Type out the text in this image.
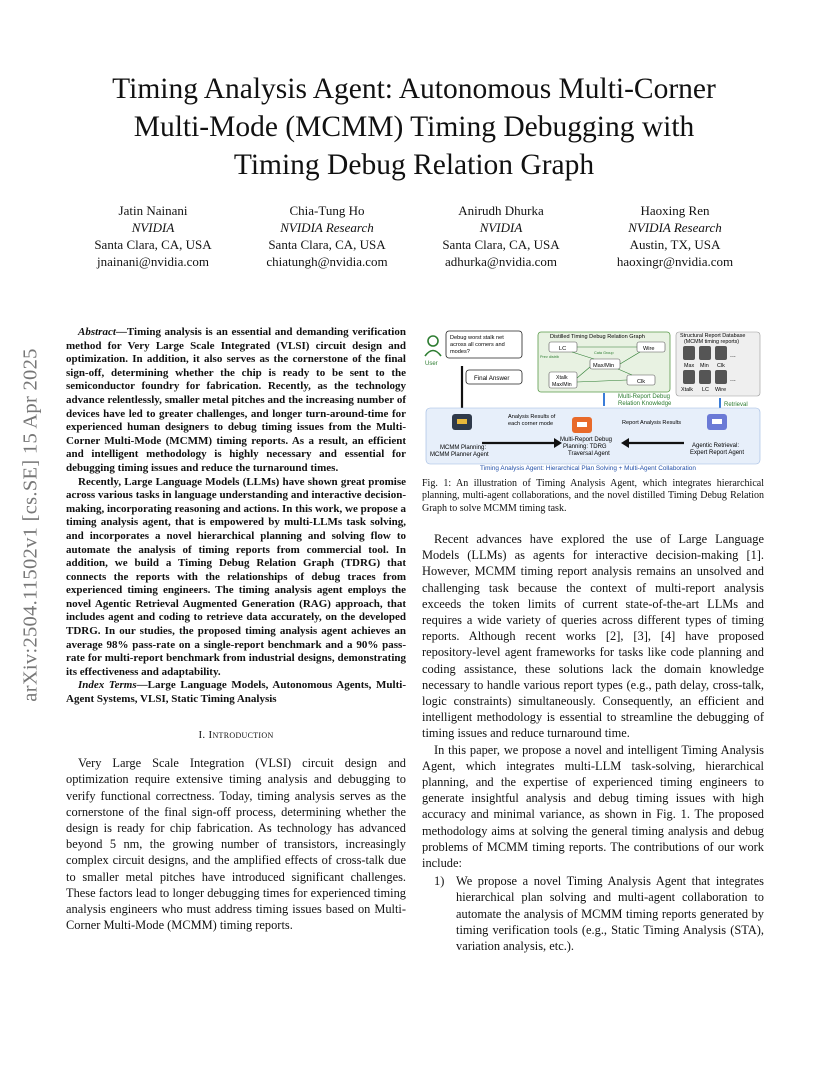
arXiv:2504.11502v1 [cs.SE] 15 Apr 2025
Timing Analysis Agent: Autonomous Multi-Corner
Multi-Mode (MCMM) Timing Debugging with
Timing Debug Relation Graph
Jatin Nainani
NVIDIA
Santa Clara, CA, USA
jnainani@nvidia.com
Chia-Tung Ho
NVIDIA Research
Santa Clara, CA, USA
chiatungh@nvidia.com
Anirudh Dhurka
NVIDIA
Santa Clara, CA, USA
adhurka@nvidia.com
Haoxing Ren
NVIDIA Research
Austin, TX, USA
haoxingr@nvidia.com

Abstract—Timing analysis is an essential and demanding verification method for Very Large Scale Integrated (VLSI) circuit design and optimization. In addition, it also serves as the cornerstone of the final sign-off, determining whether the chip is ready to be sent to the semiconductor foundry for fabrication. Recently, as the technology advance relentlessly, smaller metal pitches and the increasing number of devices have led to greater challenges, and longer turn-around-time for experienced human designers to debug timing issues from the Multi-Corner Multi-Mode (MCMM) timing reports. As a result, an efficient and intelligent methodology is highly necessary and essential for debugging timing issues and reduce the turnaround times.

Recently, Large Language Models (LLMs) have shown great promise across various tasks in language understanding and interactive decision-making, incorporating reasoning and actions. In this work, we propose a timing analysis agent, that is empowered by multi-LLMs task solving, and incorporates a novel hierarchical planning and solving flow to automate the analysis of timing reports from commercial tool. In addition, we build a Timing Debug Relation Graph (TDRG) that connects the reports with the relationships of debug traces from experienced timing engineers. The timing analysis agent employs the novel Agentic Retrieval Augmented Generation (RAG) approach, that includes agent and coding to retrieve data accurately, on the developed TDRG. In our studies, the proposed timing analysis agent achieves an average 98% pass-rate on a single-report benchmark and a 90% pass-rate for multi-report benchmark from industrial designs, demonstrating its effectiveness and adaptability.

Index Terms—Large Language Models, Autonomous Agents, Multi-Agent Systems, VLSI, Static Timing Analysis

I. Introduction

Very Large Scale Integration (VLSI) circuit design and optimization require extensive timing analysis and debugging to verify functional correctness. Today, timing analysis serves as the cornerstone of the final sign-off process, determining whether the design is ready for chip fabrication. As technology has advanced beyond 5 nm, the growing number of transistors, increasingly complex circuit designs, and the amplified effects of cross-talk due to smaller metal pitches have introduced significant challenges. These factors lead to longer debugging times for experienced timing analysis engineers who must address timing issues based on Multi-Corner Multi-Mode (MCMM) timing reports.

User
Debug worst stalk net
across all corners and
modes?
Final Answer
Distilled Timing Debug Relation Graph
LC	Wire
Max/Min
Xtalk
Max/Min	Clk
Cata Group
Prev distrib
Multi-Report Debug
Relation Knowledge
Structural Report Database
(MCMM timing reports)
...
...
Max Min Clk
Xtalk LC Wire
Retrieval
Analysis Results of
each corner mode	Report Analysis Results
MCMM Planning:
MCMM Planner Agent
Multi-Report Debug
Planning: TDRG
Traversal Agent
Agentic Retrieval:
Expert Report Agent
Timing Analysis Agent: Hierarchical Plan Solving + Multi-Agent Collaboration

Fig. 1: An illustration of Timing Analysis Agent, which integrates hierarchical planning, multi-agent collaborations, and the novel distilled Timing Debug Relation Graph to solve MCMM timing task.

Recent advances have explored the use of Large Language Models (LLMs) as agents for interactive decision-making [1]. However, MCMM timing report analysis remains an unsolved and challenging task because the context of multi-report analysis exceeds the token limits of current state-of-the-art LLMs and requires a wide variety of queries across different types of timing reports. Although recent works [2], [3], [4] have proposed repository-level agent frameworks for tasks like code planning and coding assistance, these solutions lack the domain knowledge necessary to handle various report types (e.g., path delay, cross-talk, logic constraints) simultaneously. Consequently, an efficient and intelligent methodology is essential to streamline the debugging of timing issues and reduce turnaround time.

In this paper, we propose a novel and intelligent Timing Analysis Agent, which integrates multi-LLM task-solving, hierarchical planning, and the expertise of experienced timing engineers to generate insightful analysis and debug timing issues with high accuracy and minimal variance, as shown in Fig. 1. The proposed methodology aims at solving the general timing analysis and debug problems of MCMM timing reports. The contributions of our work include:

1) We propose a novel Timing Analysis Agent that integrates hierarchical plan solving and multi-agent collaboration to automate the analysis of MCMM timing reports generated by timing verification tools (e.g., Static Timing Analysis (STA), variation analysis, etc.).
